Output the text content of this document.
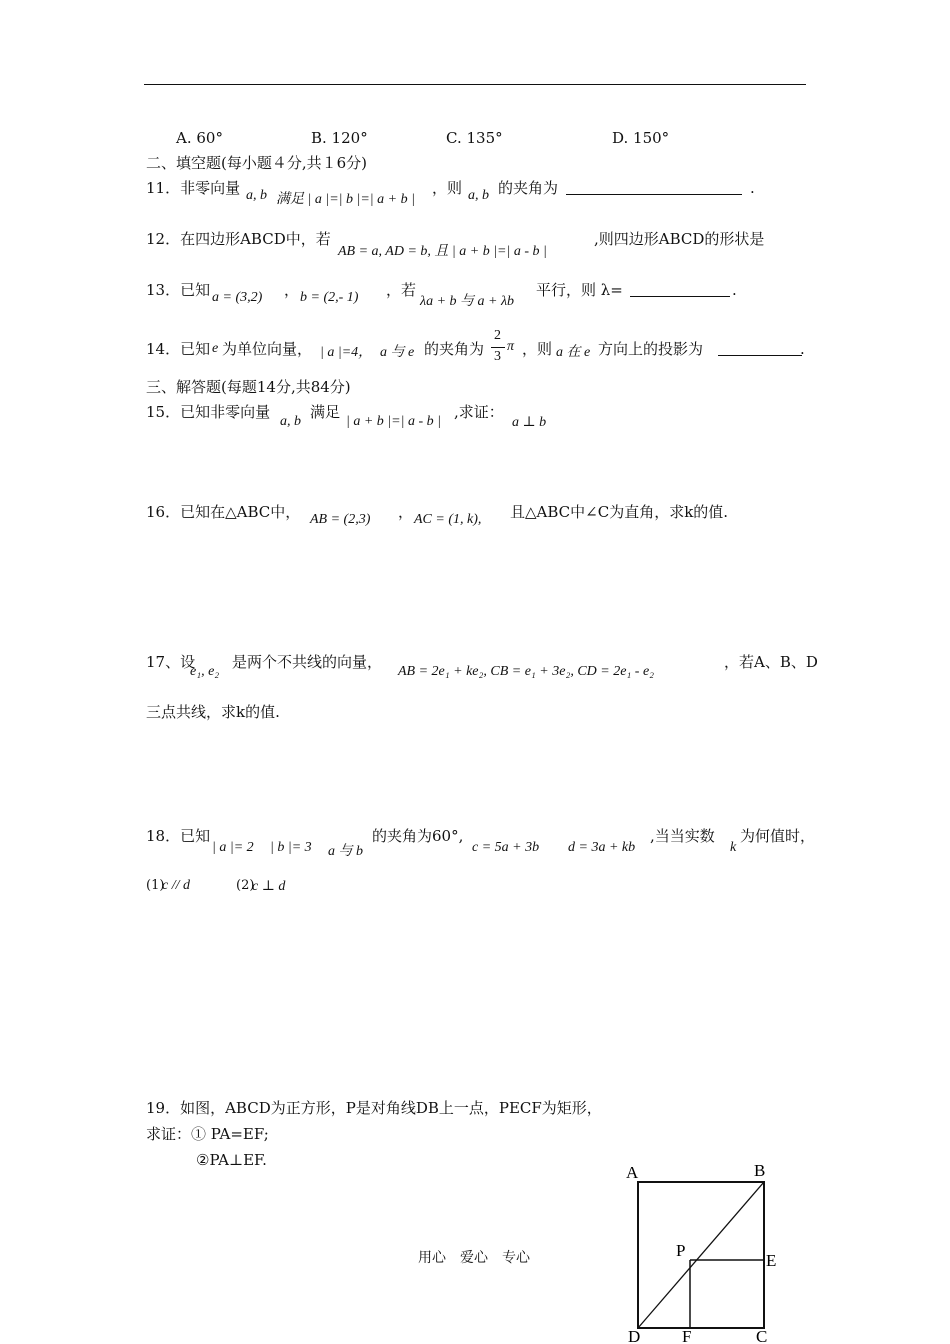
A. 60°	B. 120°	C. 135°	D. 150°
二、填空题(每小题４分,共１6分)
11．非零向量 a, b 满足 | a |=| b |=| a + b |
，则 a, b 的夹角为	.
12．在四边形ABCD中，若
AB = a, AD = b, 且 | a + b |=| a - b |
,则四边形ABCD的形状是
13．已知 a = (3,2) ， b = (2,- 1) ，若
λa + b 与 a + λb
平行，则 λ=	.
14．已知 e 为单位向量， | a |=4， a 与 e 的夹角为
2
3
π ，则 a 在 e 方向上的投影为	.
三、解答题(每题14分,共84分)
15．已知非零向量
a, b
满足
| a + b |=| a - b |
,求证：
a ⊥ b
16．已知在△ABC中， AB = (2,3) ， AC = (1, k), 且△ABC中∠C为直角，求k的值.
17、设
e₁, e₂
是两个不共线的向量，
AB = 2e₁ + ke₂, CB = e₁ + 3e₂, CD = 2e₁ - e₂
，若A、B、D
三点共线，求k的值.
18．已知
| a |= 2 | b |= 3 a 与 b
的夹角为60°,
c = 5a + 3b d = 3a + kb
,当当实数
k
为何值时，
(1)
c // d	(2)
c ⊥ d
19．如图，ABCD为正方形，P是对角线DB上一点，PECF为矩形，
求证：① PA=EF;
②PA⊥EF.
用心　爱心　专心
A	B
C
D
E
F
P
